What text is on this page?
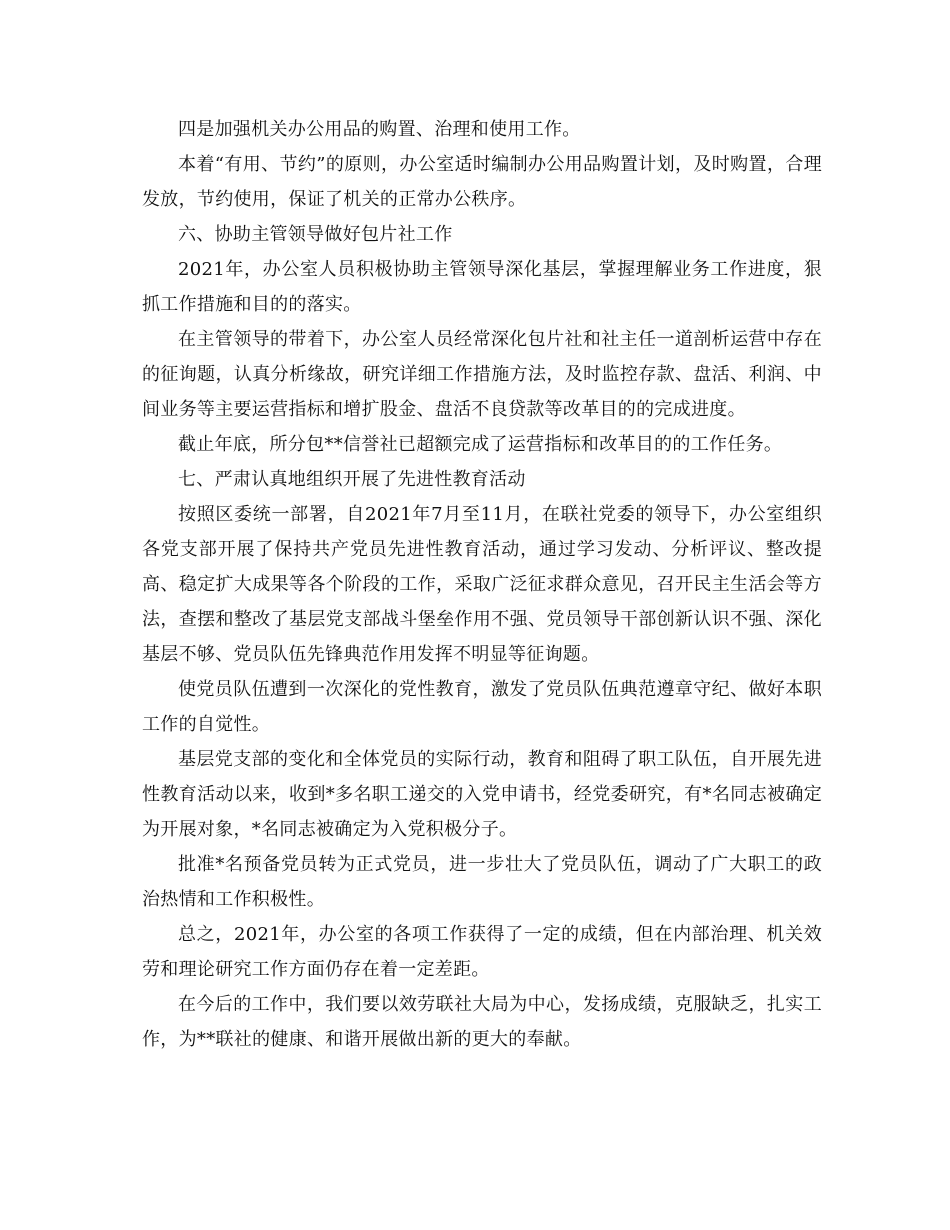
四是加强机关办公用品的购置、治理和使用工作。

本着“有用、节约”的原则，办公室适时编制办公用品购置计划，及时购置，合理发放，节约使用，保证了机关的正常办公秩序。

六、协助主管领导做好包片社工作

2021年，办公室人员积极协助主管领导深化基层，掌握理解业务工作进度，狠抓工作措施和目的的落实。

在主管领导的带着下，办公室人员经常深化包片社和社主任一道剖析运营中存在的征询题，认真分析缘故，研究详细工作措施方法，及时监控存款、盘活、利润、中间业务等主要运营指标和增扩股金、盘活不良贷款等改革目的的完成进度。

截止年底，所分包**信誉社已超额完成了运营指标和改革目的的工作任务。

七、严肃认真地组织开展了先进性教育活动

按照区委统一部署，自2021年7月至11月，在联社党委的领导下，办公室组织各党支部开展了保持共产党员先进性教育活动，通过学习发动、分析评议、整改提高、稳定扩大成果等各个阶段的工作，采取广泛征求群众意见，召开民主生活会等方法，查摆和整改了基层党支部战斗堡垒作用不强、党员领导干部创新认识不强、深化基层不够、党员队伍先锋典范作用发挥不明显等征询题。

使党员队伍遭到一次深化的党性教育，激发了党员队伍典范遵章守纪、做好本职工作的自觉性。

基层党支部的变化和全体党员的实际行动，教育和阻碍了职工队伍，自开展先进性教育活动以来，收到*多名职工递交的入党申请书，经党委研究，有*名同志被确定为开展对象，*名同志被确定为入党积极分子。

批准*名预备党员转为正式党员，进一步壮大了党员队伍，调动了广大职工的政治热情和工作积极性。

总之，2021年，办公室的各项工作获得了一定的成绩，但在内部治理、机关效劳和理论研究工作方面仍存在着一定差距。

在今后的工作中，我们要以效劳联社大局为中心，发扬成绩，克服缺乏，扎实工作，为**联社的健康、和谐开展做出新的更大的奉献。
